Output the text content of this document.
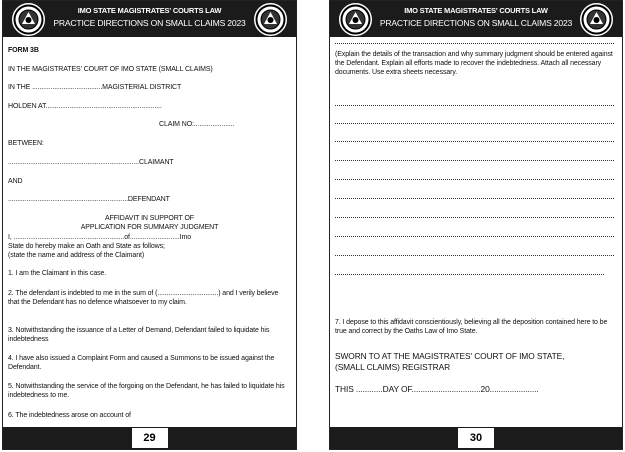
IMO STATE MAGISTRATES' COURTS LAW
PRACTICE DIRECTIONS ON SMALL CLAIMS 2023
FORM 3B
IN THE MAGISTRATES' COURT OF IMO STATE (SMALL CLAIMS)
IN THE ......................................MAGISTERIAL DISTRICT
HOLDEN AT...............................................................
CLAIM NO:......................
BETWEEN:
.......................................................................CLAIMANT
AND
.................................................................DEFENDANT
AFFIDAVIT IN SUPPORT OF
APPLICATION FOR SUMMARY JUDGMENT
I, ............................................................of...........................Imo
State do hereby make an Oath and State as follows;
(state the name and address of the Claimant)
1. I am the Claimant in this case.
2. The defendant is indebted to me in the sum of (.................................) and I verily believe that the Defendant has no defence whatsoever to my claim.
3. Notwithstanding the issuance of a Letter of Demand, Defendant failed to liquidate his indebtedness
4. I have also issued a Complaint Form and caused a Summons to be issued against the Defendant.
5. Notwithstanding the service of the forgoing on the Defendant, he has failed to liquidate his indebtedness to me.
6. The indebtedness arose on account of
29
IMO STATE MAGISTRATES' COURTS LAW
PRACTICE DIRECTIONS ON SMALL CLAIMS 2023
(Explain the details of the transaction and why summary judgment should be entered against the Defendant. Explain all efforts made to recover the indebtedness. Attach all necessary documents. Use extra sheets necessary.
7. I depose to this affidavit conscientiously, believing all the deposition contained here to be true and correct by the Oaths Law of Imo State.
SWORN TO AT THE MAGISTRATES' COURT OF IMO STATE,
(SMALL CLAIMS) REGISTRAR
THIS ............DAY OF...............................20......................
30
